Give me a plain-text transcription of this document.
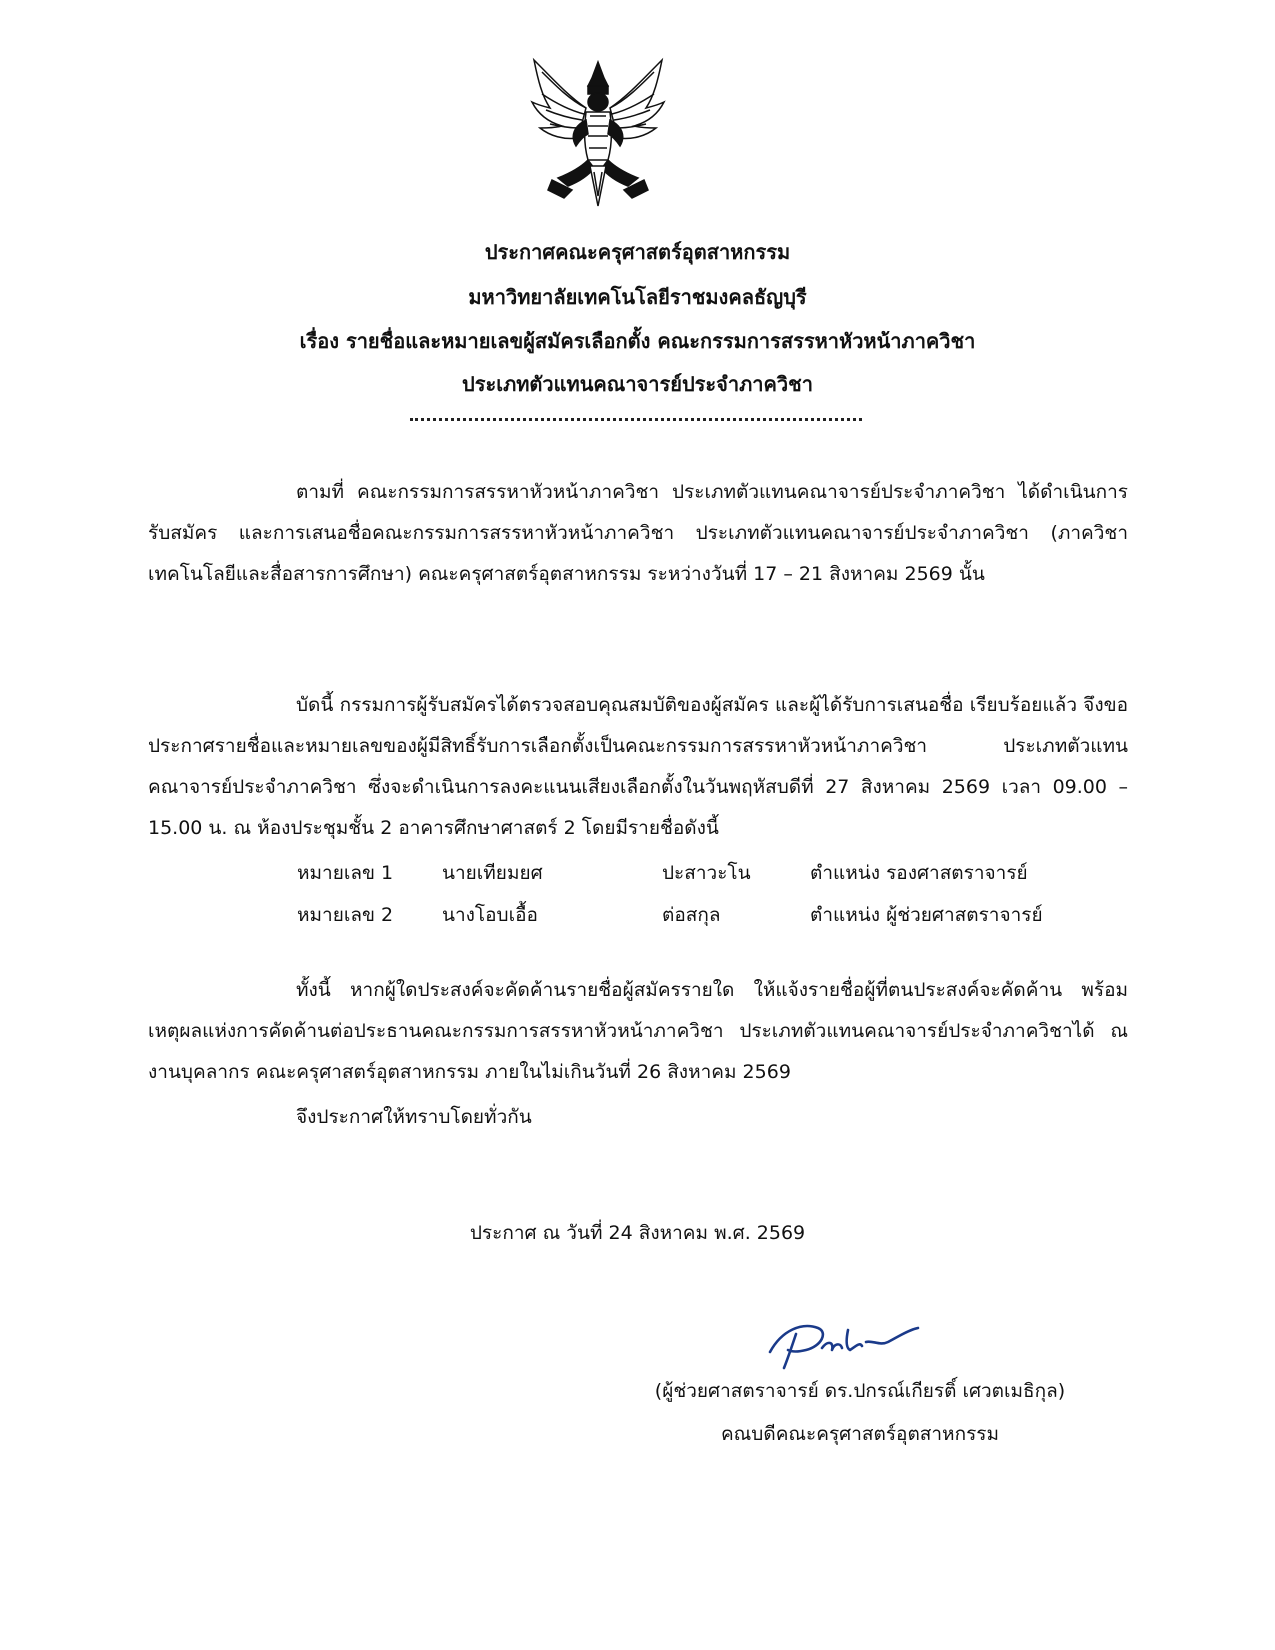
ประกาศคณะครุศาสตร์อุตสาหกรรม
มหาวิทยาลัยเทคโนโลยีราชมงคลธัญบุรี
เรื่อง รายชื่อและหมายเลขผู้สมัครเลือกตั้ง คณะกรรมการสรรหาหัวหน้าภาควิชา
ประเภทตัวแทนคณาจารย์ประจำภาควิชา
ตามที่ คณะกรรมการสรรหาหัวหน้าภาควิชา ประเภทตัวแทนคณาจารย์ประจำภาควิชา ได้ดำเนินการรับสมัคร และการเสนอชื่อคณะกรรมการสรรหาหัวหน้าภาควิชา ประเภทตัวแทนคณาจารย์ประจำภาควิชา (ภาควิชาเทคโนโลยีและสื่อสารการศึกษา) คณะครุศาสตร์อุตสาหกรรม ระหว่างวันที่ 17 – 21 สิงหาคม 2569 นั้น
บัดนี้ กรรมการผู้รับสมัครได้ตรวจสอบคุณสมบัติของผู้สมัคร และผู้ได้รับการเสนอชื่อ เรียบร้อยแล้ว จึงขอประกาศรายชื่อและหมายเลขของผู้มีสิทธิ์รับการเลือกตั้งเป็นคณะกรรมการสรรหาหัวหน้าภาควิชา ประเภทตัวแทนคณาจารย์ประจำภาควิชา ซึ่งจะดำเนินการลงคะแนนเสียงเลือกตั้งในวันพฤหัสบดีที่ 27 สิงหาคม 2569 เวลา 09.00 – 15.00 น. ณ ห้องประชุมชั้น 2 อาคารศึกษาศาสตร์ 2 โดยมีรายชื่อดังนี้
หมายเลข 1	นายเทียมยศ	ปะสาวะโน	ตำแหน่ง รองศาสตราจารย์
หมายเลข 2	นางโอบเอื้อ	ต่อสกุล	ตำแหน่ง ผู้ช่วยศาสตราจารย์
ทั้งนี้ หากผู้ใดประสงค์จะคัดค้านรายชื่อผู้สมัครรายใด ให้แจ้งรายชื่อผู้ที่ตนประสงค์จะคัดค้าน พร้อมเหตุผลแห่งการคัดค้านต่อประธานคณะกรรมการสรรหาหัวหน้าภาควิชา ประเภทตัวแทนคณาจารย์ประจำภาควิชาได้ ณ งานบุคลากร คณะครุศาสตร์อุตสาหกรรม ภายในไม่เกินวันที่ 26 สิงหาคม 2569
จึงประกาศให้ทราบโดยทั่วกัน
ประกาศ ณ วันที่ 24 สิงหาคม พ.ศ. 2569
(ผู้ช่วยศาสตราจารย์ ดร.ปกรณ์เกียรติ์ เศวตเมธิกุล)
คณบดีคณะครุศาสตร์อุตสาหกรรม
